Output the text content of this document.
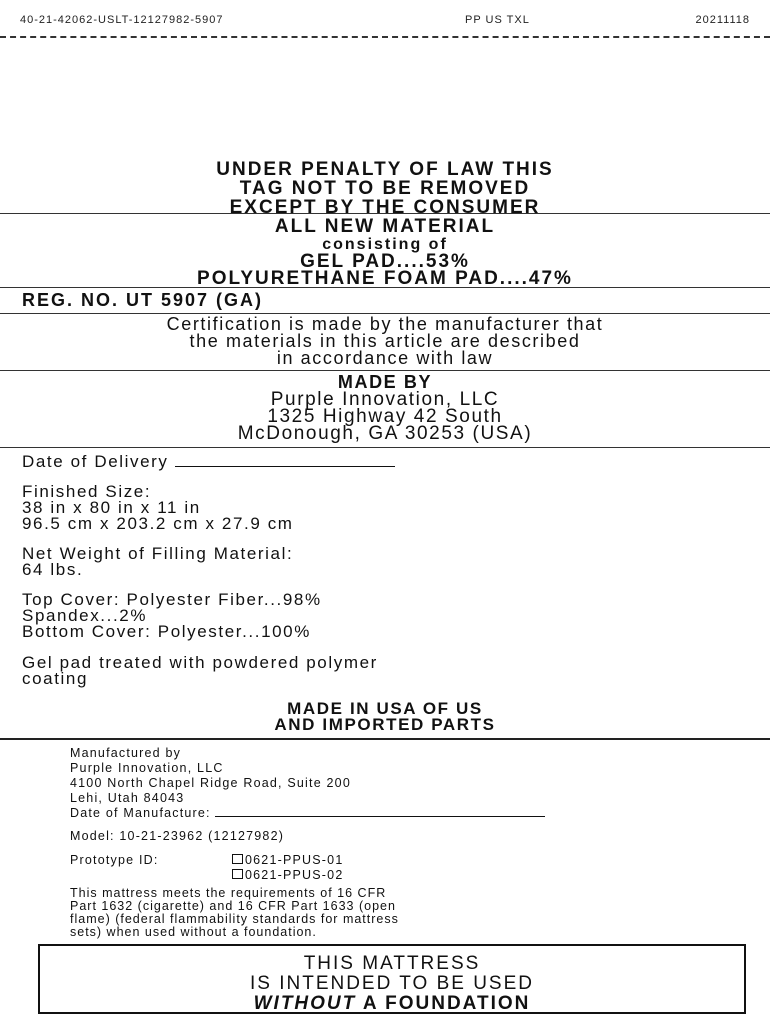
40-21-42062-USLT-12127982-5907	PP US TXL	20211118
UNDER PENALTY OF LAW THIS
TAG NOT TO BE REMOVED
EXCEPT BY THE CONSUMER
ALL NEW MATERIAL
consisting of
GEL PAD....53%
POLYURETHANE FOAM PAD....47%
REG. NO. UT 5907 (GA)
Certification is made by the manufacturer that
the materials in this article are described
in accordance with law
MADE BY
Purple Innovation, LLC
1325 Highway 42 South
McDonough, GA 30253 (USA)
Date of Delivery
Finished Size:
38 in x 80 in x 11 in
96.5 cm x 203.2 cm x 27.9 cm
Net Weight of Filling Material:
64 lbs.
Top Cover: Polyester Fiber...98%
Spandex...2%
Bottom Cover: Polyester...100%
Gel pad treated with powdered polymer
coating
MADE IN USA OF US
AND IMPORTED PARTS
Manufactured by
Purple Innovation, LLC
4100 North Chapel Ridge Road, Suite 200
Lehi, Utah 84043
Date of Manufacture:
Model: 10-21-23962 (12127982)
Prototype ID:	0621-PPUS-01
0621-PPUS-02
This mattress meets the requirements of 16 CFR
Part 1632 (cigarette) and 16 CFR Part 1633 (open
flame) (federal flammability standards for mattress
sets) when used without a foundation.
THIS MATTRESS
IS INTENDED TO BE USED
WITHOUT A FOUNDATION
